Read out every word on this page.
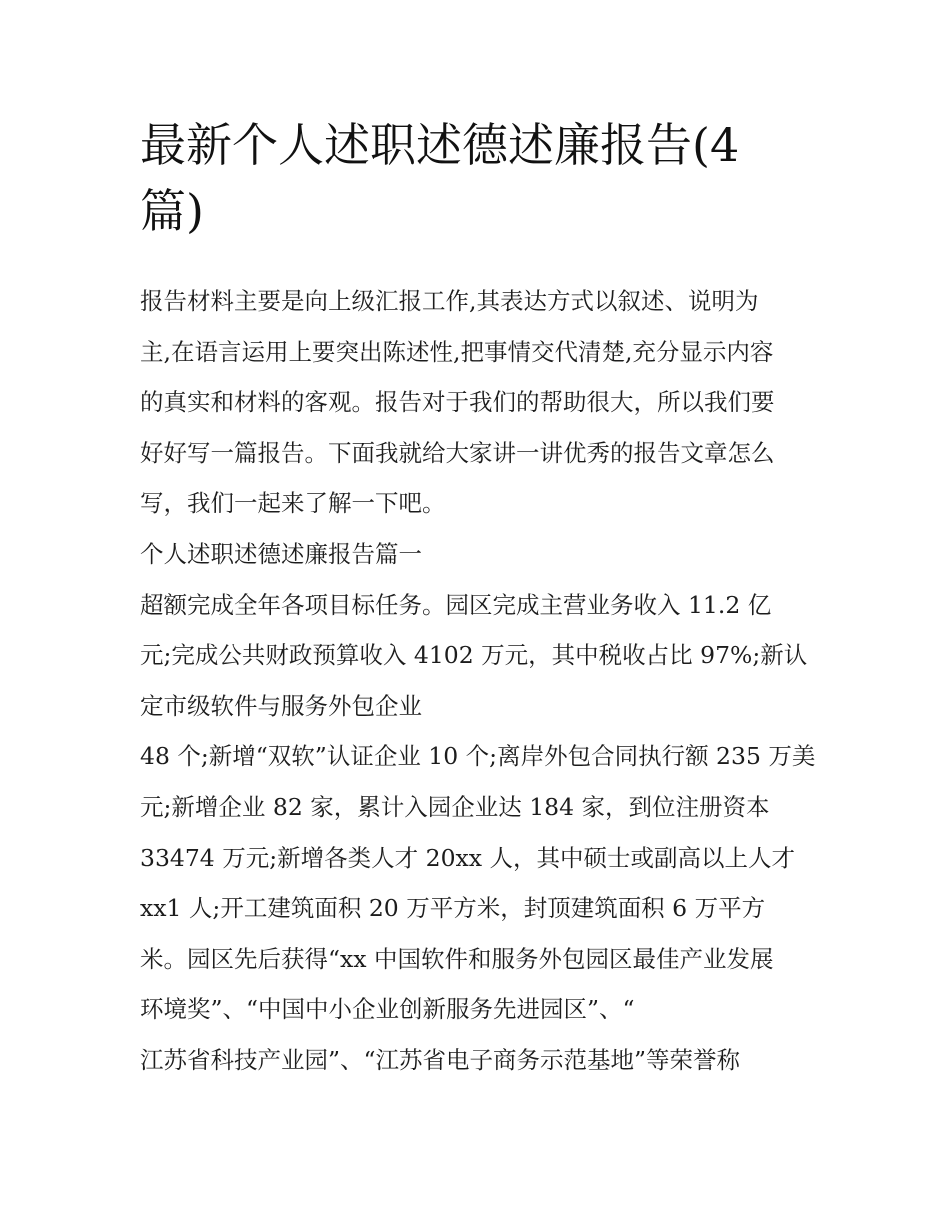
最新个人述职述德述廉报告(4
篇)
报告材料主要是向上级汇报工作,其表达方式以叙述、说明为
主,在语言运用上要突出陈述性,把事情交代清楚,充分显示内容
的真实和材料的客观。报告对于我们的帮助很大，所以我们要
好好写一篇报告。下面我就给大家讲一讲优秀的报告文章怎么
写，我们一起来了解一下吧。
个人述职述德述廉报告篇一
超额完成全年各项目标任务。园区完成主营业务收入 11.2 亿
元;完成公共财政预算收入 4102 万元，其中税收占比 97%;新认
定市级软件与服务外包企业
48 个;新增“双软”认证企业 10 个;离岸外包合同执行额 235 万美
元;新增企业 82 家，累计入园企业达 184 家，到位注册资本
33474 万元;新增各类人才 20xx 人，其中硕士或副高以上人才
xx1 人;开工建筑面积 20 万平方米，封顶建筑面积 6 万平方
米。园区先后获得“xx 中国软件和服务外包园区最佳产业发展
环境奖”、“中国中小企业创新服务先进园区”、“
江苏省科技产业园”、“江苏省电子商务示范基地”等荣誉称
